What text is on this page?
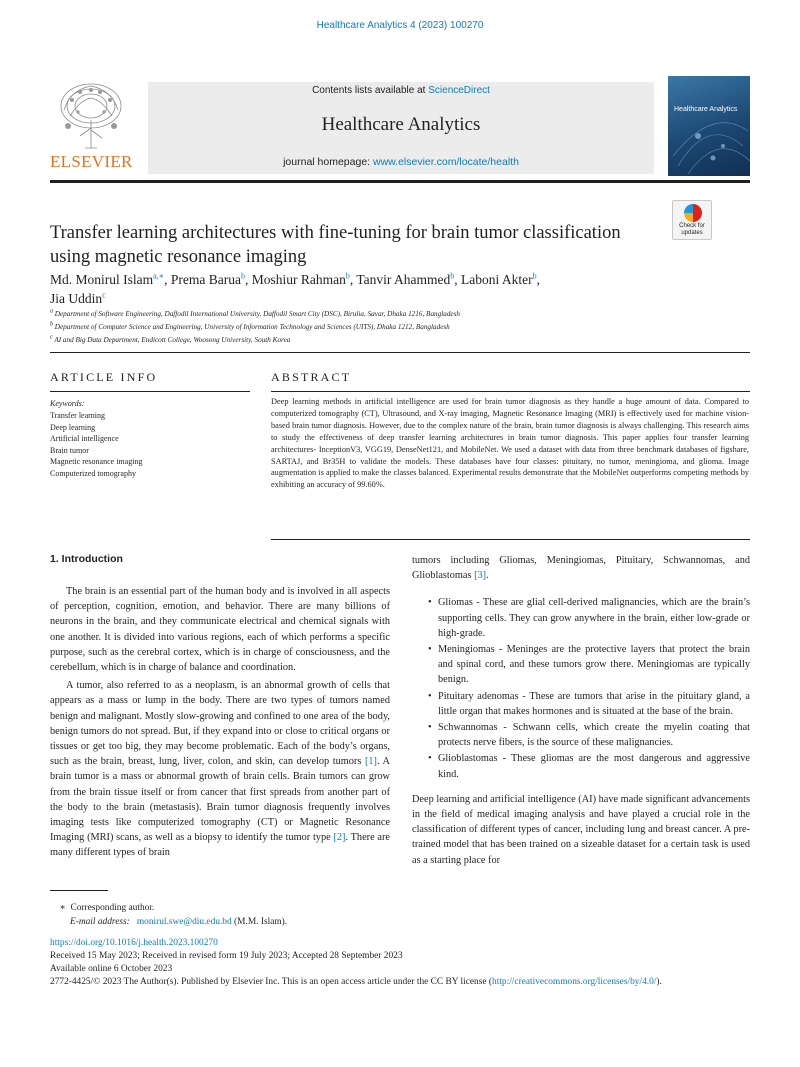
Healthcare Analytics 4 (2023) 100270
ELSEVIER
Contents lists available at ScienceDirect
Healthcare Analytics
journal homepage: www.elsevier.com/locate/health
Healthcare Analytics
Transfer learning architectures with fine-tuning for brain tumor classification using magnetic resonance imaging
Check for updates
Md. Monirul Islam$^{a,∗}$, Prema Barua$^b$, Moshiur Rahman$^b$, Tanvir Ahammed$^b$, Laboni Akter$^b$,
Jia Uddin$^c$
$^a$ Department of Software Engineering, Daffodil International University, Daffodil Smart City (DSC), Birulia, Savar, Dhaka 1216, Bangladesh
$^b$ Department of Computer Science and Engineering, University of Information Technology and Sciences (UITS), Dhaka 1212, Bangladesh
$^c$ AI and Big Data Department, Endicott College, Woosong University, South Korea
ARTICLE INFO
Keywords:
Transfer learning
Deep learning
Artificial intelligence
Brain tumor
Magnetic resonance imaging
Computerized tomography
ABSTRACT
Deep learning methods in artificial intelligence are used for brain tumor diagnosis as they handle a huge amount of data. Compared to computerized tomography (CT), Ultrasound, and X-ray imaging, Magnetic Resonance Imaging (MRI) is effectively used for machine vision-based brain tumor diagnosis. However, due to the complex nature of the brain, brain tumor diagnosis is always challenging. This research aims to study the effectiveness of deep transfer learning architectures in brain tumor diagnosis. This paper applies four transfer learning architectures- InceptionV3, VGG19, DenseNet121, and MobileNet. We used a dataset with data from three benchmark databases of figshare, SARTAJ, and Br35H to validate the models. These databases have four classes: pituitary, no tumor, meningioma, and glioma. Image augmentation is applied to make the classes balanced. Experimental results demonstrate that the MobileNet outperforms competing methods by exhibiting an accuracy of 99.60%.
1. Introduction

The brain is an essential part of the human body and is involved in all aspects of perception, cognition, emotion, and behavior. There are many billions of neurons in the brain, and they communicate electrical and chemical signals with one another. It is divided into various regions, each of which performs a specific purpose, such as the cerebral cortex, which is in charge of consciousness, and the cerebellum, which is in charge of balance and coordination.

A tumor, also referred to as a neoplasm, is an abnormal growth of cells that appears as a mass or lump in the body. There are two types of tumors named benign and malignant. Mostly slow-growing and confined to one area of the body, benign tumors do not spread. But, if they expand into or close to critical organs or tissues or get too big, they may become problematic. Each of the body’s organs, such as the brain, breast, lung, liver, colon, and skin, can develop tumors [1]. A brain tumor is a mass or abnormal growth of brain cells. Brain tumors can grow from the brain tissue itself or from cancer that first spreads from another part of the body to the brain (metastasis). Brain tumor diagnosis frequently involves imaging tests like computerized tomography (CT) or Magnetic Resonance Imaging (MRI) scans, as well as a biopsy to identify the tumor type [2]. There are many different types of brain

tumors including Gliomas, Meningiomas, Pituitary, Schwannomas, and Glioblastomas [3].

• Gliomas - These are glial cell-derived malignancies, which are the brain’s supporting cells. They can grow anywhere in the brain, either low-grade or high-grade.
• Meningiomas - Meninges are the protective layers that protect the brain and spinal cord, and these tumors grow there. Meningiomas are typically benign.
• Pituitary adenomas - These are tumors that arise in the pituitary gland, a little organ that makes hormones and is situated at the base of the brain.
• Schwannomas - Schwann cells, which create the myelin coating that protects nerve fibers, is the source of these malignancies.
• Glioblastomas - These gliomas are the most dangerous and aggressive kind.

Deep learning and artificial intelligence (AI) have made significant advancements in the field of medical imaging analysis and have played a crucial role in the classification of different types of cancer, including lung and breast cancer. A pre-trained model that has been trained on a sizeable dataset for a certain task is used as a starting place for

∗ Corresponding author.
E-mail address: monirul.swe@diu.edu.bd (M.M. Islam).
https://doi.org/10.1016/j.health.2023.100270
Received 15 May 2023; Received in revised form 19 July 2023; Accepted 28 September 2023
Available online 6 October 2023
2772-4425/© 2023 The Author(s). Published by Elsevier Inc. This is an open access article under the CC BY license (http://creativecommons.org/licenses/by/4.0/).
